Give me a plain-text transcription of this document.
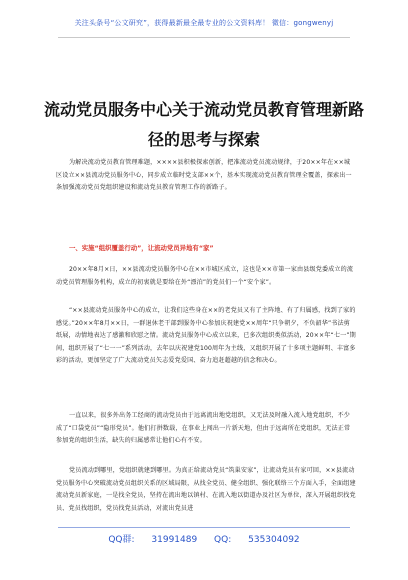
关注头条号“公文研究”，获得最新最全最专业的公文资料库！ 微信：gongwenyj
流动党员服务中心关于流动党员教育管理新路
径的思考与探索
为解决流动党员教育管理难题，××××县积极探索创新，把准流动党员流动规律，于20××年在××城区设立××县流动党员服务中心，同步成立临时党支部××个，基本实现流动党员教育管理全覆盖，探索出一条加强流动党员党组织建设和流动党员教育管理工作的新路子。
一、实施“组织覆盖行动”，让流动党员异地有“家”
20××年8月×日，××县流动党员服务中心在××市城区成立，这也是××市第一家由县级党委成立的流动党员管理服务机构，成立的初衷就是要给在外“漂泊”的党员们一个“安个家”。
“××县流动党员服务中心的成立，让我们这些身在××的老党员又有了主阵地、有了归属感，找到了家的感觉。”20××年8月××日，一群退休老干部到服务中心参加庆祝建党××周年“只争朝夕，不负韶华”书法剪纸展，动情地表达了感激和欣慰之情。流动党员服务中心成立以来，已多次组织类似活动，20××年“七一”期间，组织开展了“七一一”系列活动，去年以庆祝建党100周年为主线，又组织开展了十多项主题鲜明、丰富多彩的活动，更加坚定了广大流动党员矢志爱党爱国、奋力追赶超越的信念和决心。
一直以来，很多外出务工经商的流动党员由于远离流出地党组织，又无法及时融入流入地党组织，不少成了“口袋党员”“隐形党员”。他们打拼数载，在事业上闯出一片新天地，但由于远离所在党组织，无法正常参加党的组织生活，缺失的归属感常让他们心有不安。
党员流动到哪里，党组织就建到哪里。为真正给流动党员“筑巢安家”，让流动党员有家可回，××县流动党员服务中心突破流动党员组织关系的区域局限，从找全党员、健全组织、强化联络三个方面入手，全面组建流动党员新家庭，一是找全党员，坚持在流出地以镇村、在流入地以街道办及社区为单位，深入开展组织找党员、党员找组织，党员找党员活动，对流出党员进
QQ群: 31991489 QQ: 535304092
